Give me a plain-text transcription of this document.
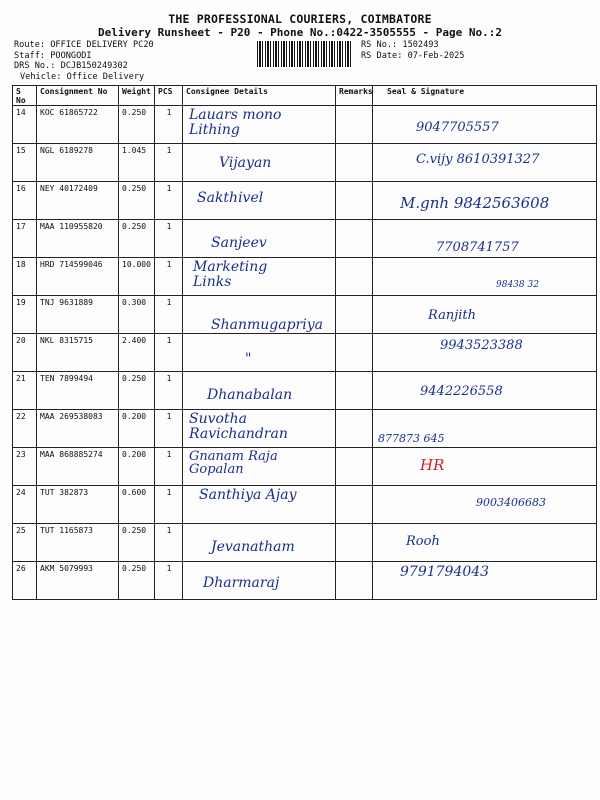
THE PROFESSIONAL COURIERS, COIMBATORE
Delivery Runsheet - P20 - Phone No.:0422-3505555 - Page No.:2
Route: OFFICE DELIVERY PC20
Staff: POONGODI
DRS No.: DCJB150249302
Vehicle: Office Delivery
RS No.: 1502493
RS Date: 07-Feb-2025
S No	Consignment No	Weight	PCS	Consignee Details	Remarks	Seal & Signature
14	KOC 61865722	0.250	1	Lauars mono Lithing		9047705557

15	NGL 6189278	1.045	1	Vijayan		C.vijy 8610391327

16	NEY 40172409	0.250	1	Sakthivel		M.gnh 9842563608

17	MAA 110955820	0.250	1	Sanjeev		7708741757

18	HRD 714599046	10.000	1	Marketing Links		98438 32

19	TNJ 9631889	0.300	1	Shanmugapriya		Ranjith

20	NKL 8315715	2.400	1	"		9943523388

21	TEN 7899494	0.250	1	Dhanabalan		9442226558

22	MAA 269538083	0.200	1	Suvotha Ravichandran		877873 645

23	MAA 868885274	0.200	1	Gnanam Raja Gopalan		HR

24	TUT 382873	0.600	1	Santhiya Ajay		9003406683

25	TUT 1165873	0.250	1	Jevanatham		Rooh

26	AKM 5079993	0.250	1	Dharmaraj		9791794043
